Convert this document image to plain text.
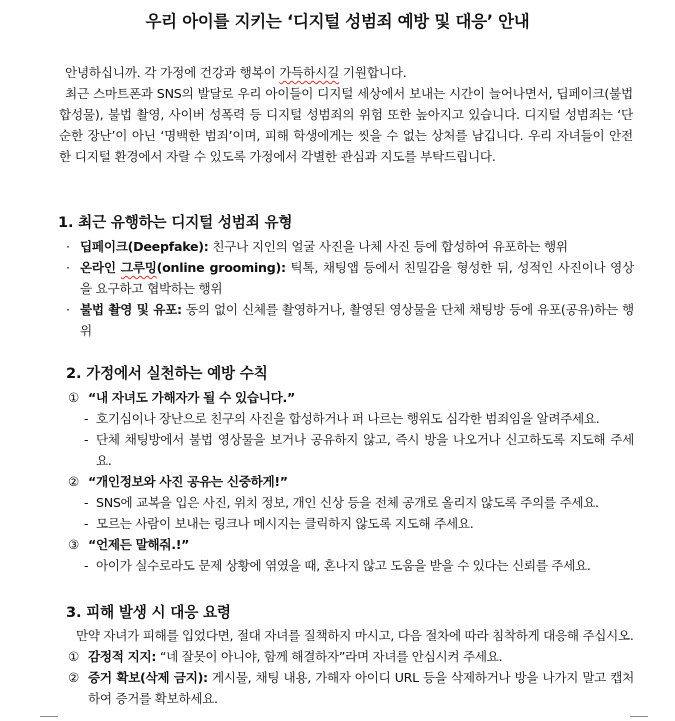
우리 아이를 지키는 ‘디지털 성범죄 예방 및 대응’ 안내

안녕하십니까. 각 가정에 건강과 행복이 가득하시길 기원합니다.

최근 스마트폰과 SNS의 발달로 우리 아이들이 디지털 세상에서 보내는 시간이 늘어나면서, 딥페이크(불법 합성물), 불법 촬영, 사이버 성폭력 등 디지털 성범죄의 위험 또한 높아지고 있습니다. 디지털 성범죄는 ‘단순한 장난’이 아닌 ‘명백한 범죄’이며, 피해 학생에게는 씻을 수 없는 상처를 남깁니다. 우리 자녀들이 안전한 디지털 환경에서 자랄 수 있도록 가정에서 각별한 관심과 지도를 부탁드립니다.

1. 최근 유행하는 디지털 성범죄 유형
· 딥페이크(Deepfake): 친구나 지인의 얼굴 사진을 나체 사진 등에 합성하여 유포하는 행위
· 온라인 그루밍(online grooming): 틱톡, 채팅앱 등에서 친밀감을 형성한 뒤, 성적인 사진이나 영상을 요구하고 협박하는 행위
· 불법 촬영 및 유포: 동의 없이 신체를 촬영하거나, 촬영된 영상물을 단체 채팅방 등에 유포(공유)하는 행위
2. 가정에서 실천하는 예방 수칙
① “내 자녀도 가해자가 될 수 있습니다.”
- 호기심이나 장난으로 친구의 사진을 합성하거나 퍼 나르는 행위도 심각한 범죄임을 알려주세요.
- 단체 채팅방에서 불법 영상물을 보거나 공유하지 않고, 즉시 방을 나오거나 신고하도록 지도해 주세요.
② “개인정보와 사진 공유는 신중하게!”
- SNS에 교복을 입은 사진, 위치 정보, 개인 신상 등을 전체 공개로 올리지 않도록 주의를 주세요.
- 모르는 사람이 보내는 링크나 메시지는 클릭하지 않도록 지도해 주세요.
③ “언제든 말해줘.!”
- 아이가 실수로라도 문제 상황에 엮였을 때, 혼나지 않고 도움을 받을 수 있다는 신뢰를 주세요.
3. 피해 발생 시 대응 요령
만약 자녀가 피해를 입었다면, 절대 자녀를 질책하지 마시고, 다음 절차에 따라 침착하게 대응해 주십시오.
① 감정적 지지: “네 잘못이 아니야, 함께 해결하자”라며 자녀를 안심시켜 주세요.
② 증거 확보(삭제 금지): 게시물, 채팅 내용, 가해자 아이디 URL 등을 삭제하거나 방을 나가지 말고 캡처하여 증거를 확보하세요.
